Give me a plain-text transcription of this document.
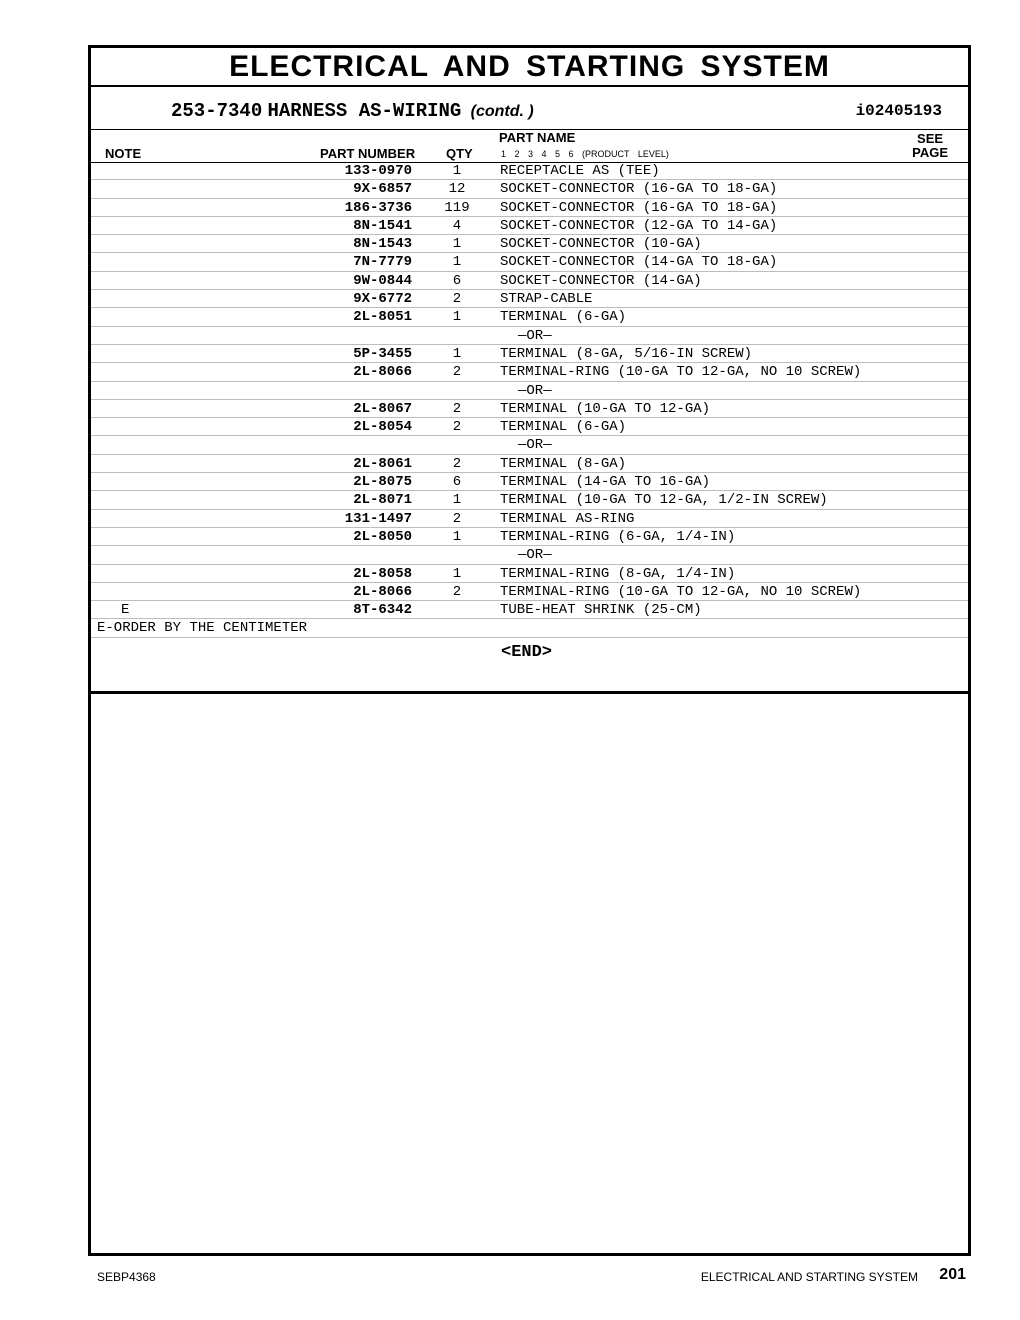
ELECTRICAL AND STARTING SYSTEM
253-7340 HARNESS AS-WIRING (contd. )	i02405193
NOTE	PART NUMBER QTY
PART NAME
1 2 3 4 5 6 (PRODUCT LEVEL)
SEE
PAGE
133-0970	1	RECEPTACLE AS (TEE)
9X-6857	12	SOCKET-CONNECTOR (16-GA TO 18-GA)
186-3736	119	SOCKET-CONNECTOR (16-GA TO 18-GA)
8N-1541	4	SOCKET-CONNECTOR (12-GA TO 14-GA)
8N-1543	1	SOCKET-CONNECTOR (10-GA)
7N-7779	1	SOCKET-CONNECTOR (14-GA TO 18-GA)
9W-0844	6	SOCKET-CONNECTOR (14-GA)
9X-6772	2	STRAP-CABLE
2L-8051	1	TERMINAL (6-GA)
—OR—
5P-3455	1	TERMINAL (8-GA, 5/16-IN SCREW)
2L-8066	2	TERMINAL-RING (10-GA TO 12-GA, NO 10 SCREW)
—OR—
2L-8067	2	TERMINAL (10-GA TO 12-GA)
2L-8054	2	TERMINAL (6-GA)
—OR—
2L-8061	2	TERMINAL (8-GA)
2L-8075	6	TERMINAL (14-GA TO 16-GA)
2L-8071	1	TERMINAL (10-GA TO 12-GA, 1/2-IN SCREW)
131-1497	2	TERMINAL AS-RING
2L-8050	1	TERMINAL-RING (6-GA, 1/4-IN)
—OR—
2L-8058	1	TERMINAL-RING (8-GA, 1/4-IN)
2L-8066	2	TERMINAL-RING (10-GA TO 12-GA, NO 10 SCREW)
E	8T-6342	TUBE-HEAT SHRINK (25-CM)
E-ORDER BY THE CENTIMETER
<END>
SEBP4368	ELECTRICAL AND STARTING SYSTEM 201
